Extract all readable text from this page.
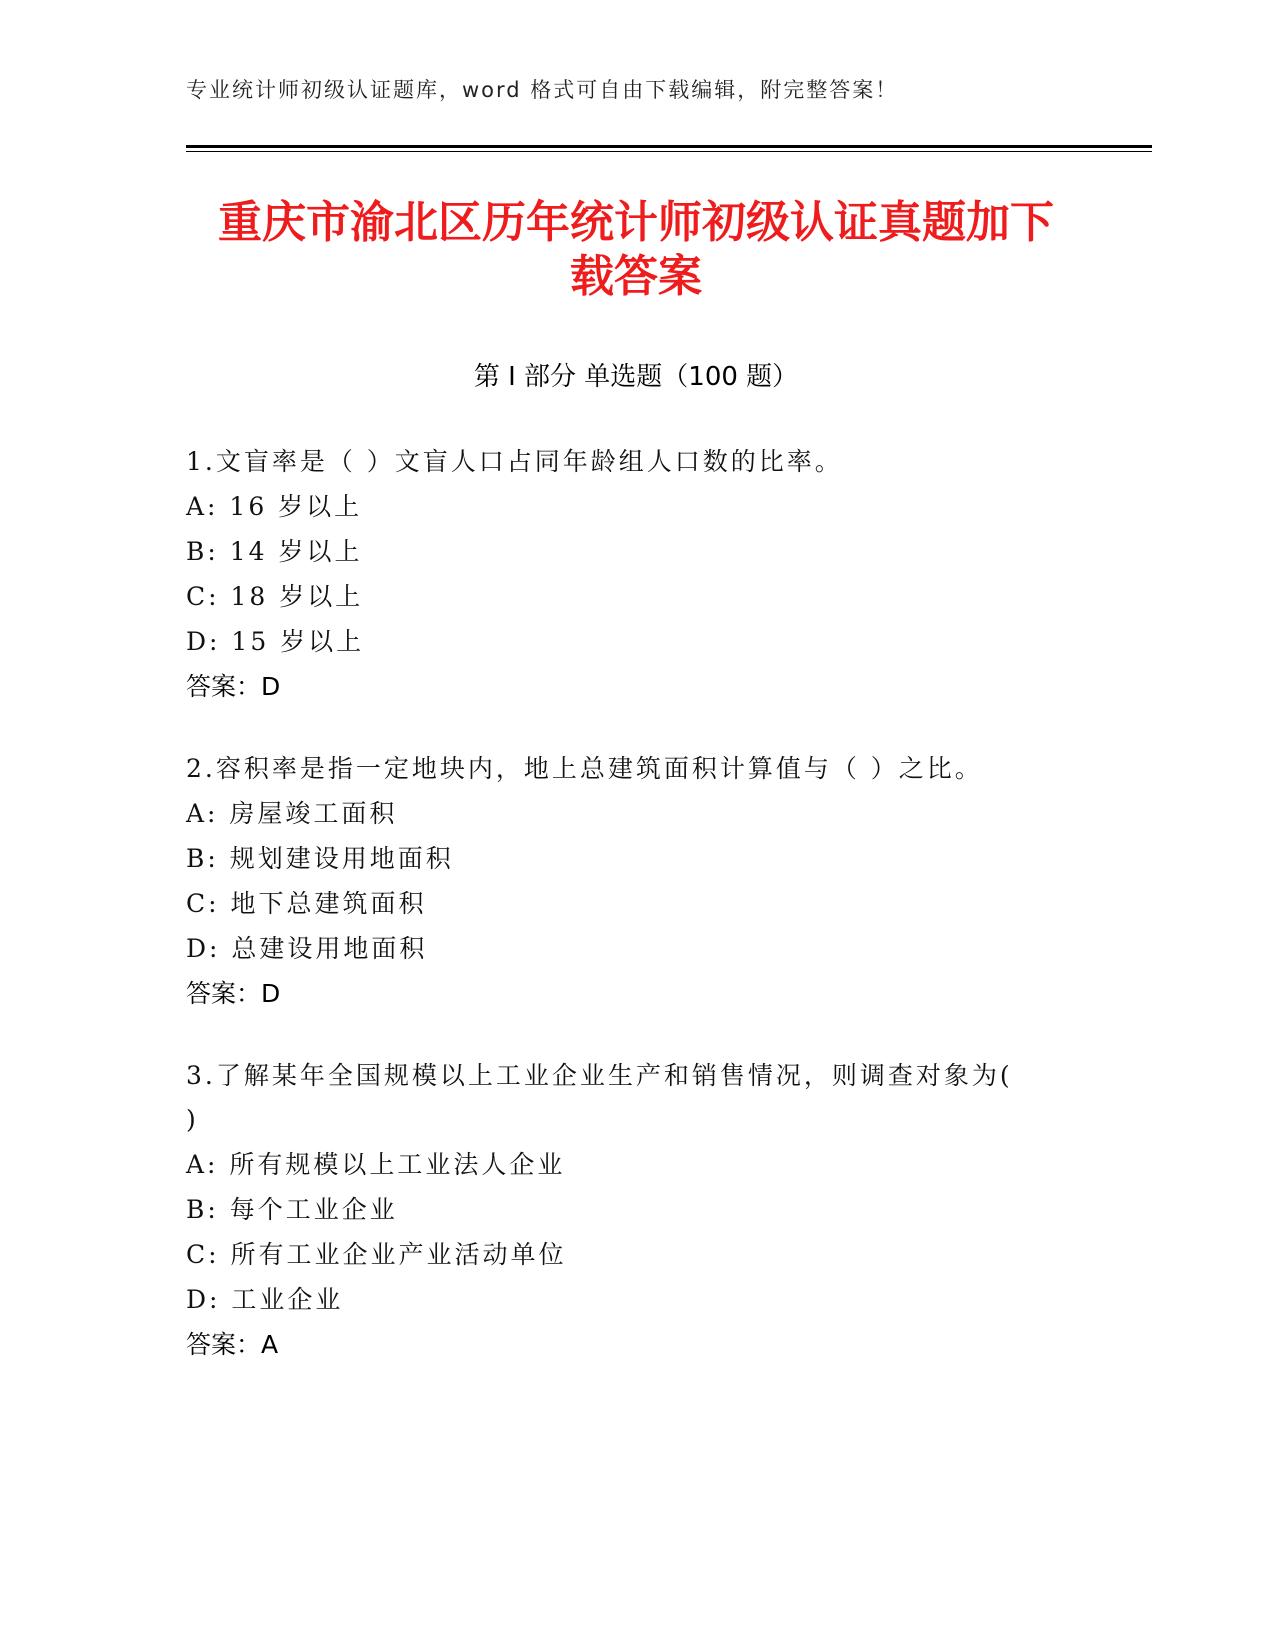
专业统计师初级认证题库，word 格式可自由下载编辑，附完整答案！
重庆市渝北区历年统计师初级认证真题加下
载答案
第 I 部分 单选题（100 题）
1.文盲率是（ ）文盲人口占同年龄组人口数的比率。
A: 16 岁以上
B: 14 岁以上
C: 18 岁以上
D: 15 岁以上
答案：D
2.容积率是指一定地块内，地上总建筑面积计算值与（ ）之比。
A: 房屋竣工面积
B: 规划建设用地面积
C: 地下总建筑面积
D: 总建设用地面积
答案：D
3.了解某年全国规模以上工业企业生产和销售情况，则调查对象为(
)
A: 所有规模以上工业法人企业
B: 每个工业企业
C: 所有工业企业产业活动单位
D: 工业企业
答案：A
